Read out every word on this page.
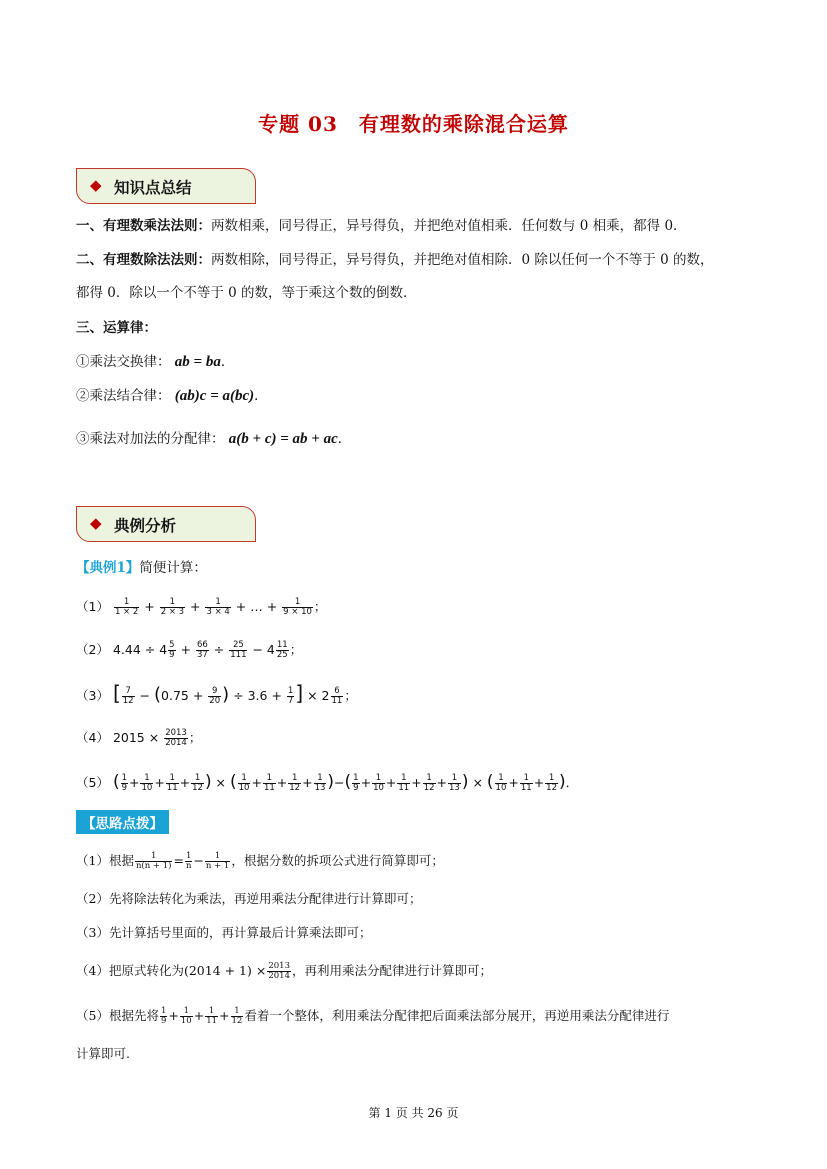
专题 03　有理数的乘除混合运算
◆ 知识点总结
一、有理数乘法法则：两数相乘，同号得正，异号得负，并把绝对值相乘．任何数与 0 相乘，都得 0．
二、有理数除法法则：两数相除，同号得正，异号得负，并把绝对值相除．0 除以任何一个不等于 0 的数，
都得 0．除以一个不等于 0 的数，等于乘这个数的倒数．
三、运算律：
①乘法交换律： ab = ba．
②乘法结合律： (ab)c = a(bc)．
③乘法对加法的分配律： a(b + c) = ab + ac．
◆ 典例分析
【典例1】简便计算：
$(1) \frac{1}{1 \times 2} + \frac{1}{2 \times 3} + \frac{1}{3 \times 4}$ + … + $\frac{1}{9 \times 10}$ ；
（2） $4.44 \div 4 \frac{5}{9} + \frac{66}{37} \div \frac{25}{111} - 4 \frac{11}{25}$ ；
（3） [ $\frac{7}{12} - (0.75 + \frac{9}{20}$ ) ÷ $3.6 + \frac{1}{7}$ ] × $2 \frac{6}{11}$ ；
（4） $2015 \times \frac{2013}{2014}$ ；
（5） ( $\frac{1}{9} + \frac{1}{10} + \frac{1}{11} + \frac{1}{12}$ ) × ( $\frac{1}{10} + \frac{1}{11} + \frac{1}{12} + \frac{1}{13}$ )−( $\frac{1}{9} + \frac{1}{10} + \frac{1}{11} + \frac{1}{12} + \frac{1}{13}$ ) × ( $\frac{1}{10} + \frac{1}{11} + \frac{1}{12}$ )．
【思路点拨】
（1）根据 $\frac{1}{n(n + 1)} = \frac{1}{n} - \frac{1}{n + 1}$ ，根据分数的拆项公式进行简算即可；
（2）先将除法转化为乘法，再逆用乘法分配律进行计算即可；
（3）先计算括号里面的，再计算最后计算乘法即可；
（4）把原式转化为$(2014 + 1) \times \frac{2013}{2014}$ ，再利用乘法分配律进行计算即可；
（5）根据先将 $\frac{1}{9} + \frac{1}{10} + \frac{1}{11} + \frac{1}{12}$ 看着一个整体，利用乘法分配律把后面乘法部分展开，再逆用乘法分配律进行
计算即可.
第 1 页 共 26 页
